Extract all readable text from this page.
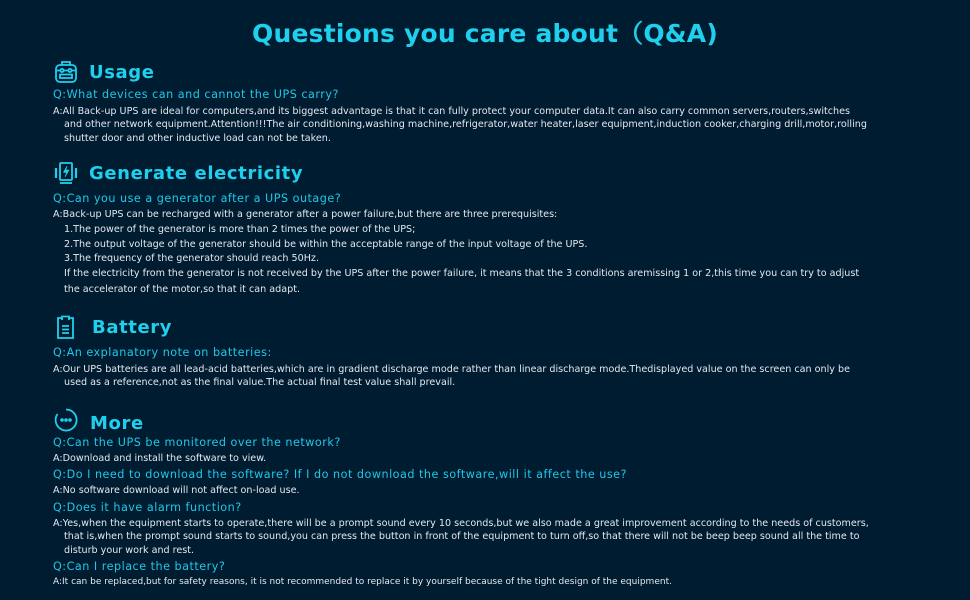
Questions you care about（Q&A)
Usage
Q:What devices can and cannot the UPS carry?
A:All Back-up UPS are ideal for computers,and its biggest advantage is that it can fully protect your computer data.It can also carry common servers,routers,switches
and other network equipment.Attention!!!The air conditioning,washing machine,refrigerator,water heater,laser equipment,induction cooker,charging drill,motor,rolling
shutter door and other inductive load can not be taken.
Generate electricity
Q:Can you use a generator after a UPS outage?
A:Back-up UPS can be recharged with a generator after a power failure,but there are three prerequisites:
1.The power of the generator is more than 2 times the power of the UPS;
2.The output voltage of the generator should be within the acceptable range of the input voltage of the UPS.
3.The frequency of the generator should reach 50Hz.
If the electricity from the generator is not received by the UPS after the power failure, it means that the 3 conditions aremissing 1 or 2,this time you can try to adjust
the accelerator of the motor,so that it can adapt.
Battery
Q:An explanatory note on batteries:
A:Our UPS batteries are all lead-acid batteries,which are in gradient discharge mode rather than linear discharge mode.Thedisplayed value on the screen can only be
used as a reference,not as the final value.The actual final test value shall prevail.
More
Q:Can the UPS be monitored over the network?
A:Download and install the software to view.
Q:Do I need to download the software? If I do not download the software,will it affect the use?
A:No software download will not affect on-load use.
Q:Does it have alarm function?
A:Yes,when the equipment starts to operate,there will be a prompt sound every 10 seconds,but we also made a great improvement according to the needs of customers,
that is,when the prompt sound starts to sound,you can press the button in front of the equipment to turn off,so that there will not be beep beep sound all the time to
disturb your work and rest.
Q:Can I replace the battery?
A:It can be replaced,but for safety reasons, it is not recommended to replace it by yourself because of the tight design of the equipment.
